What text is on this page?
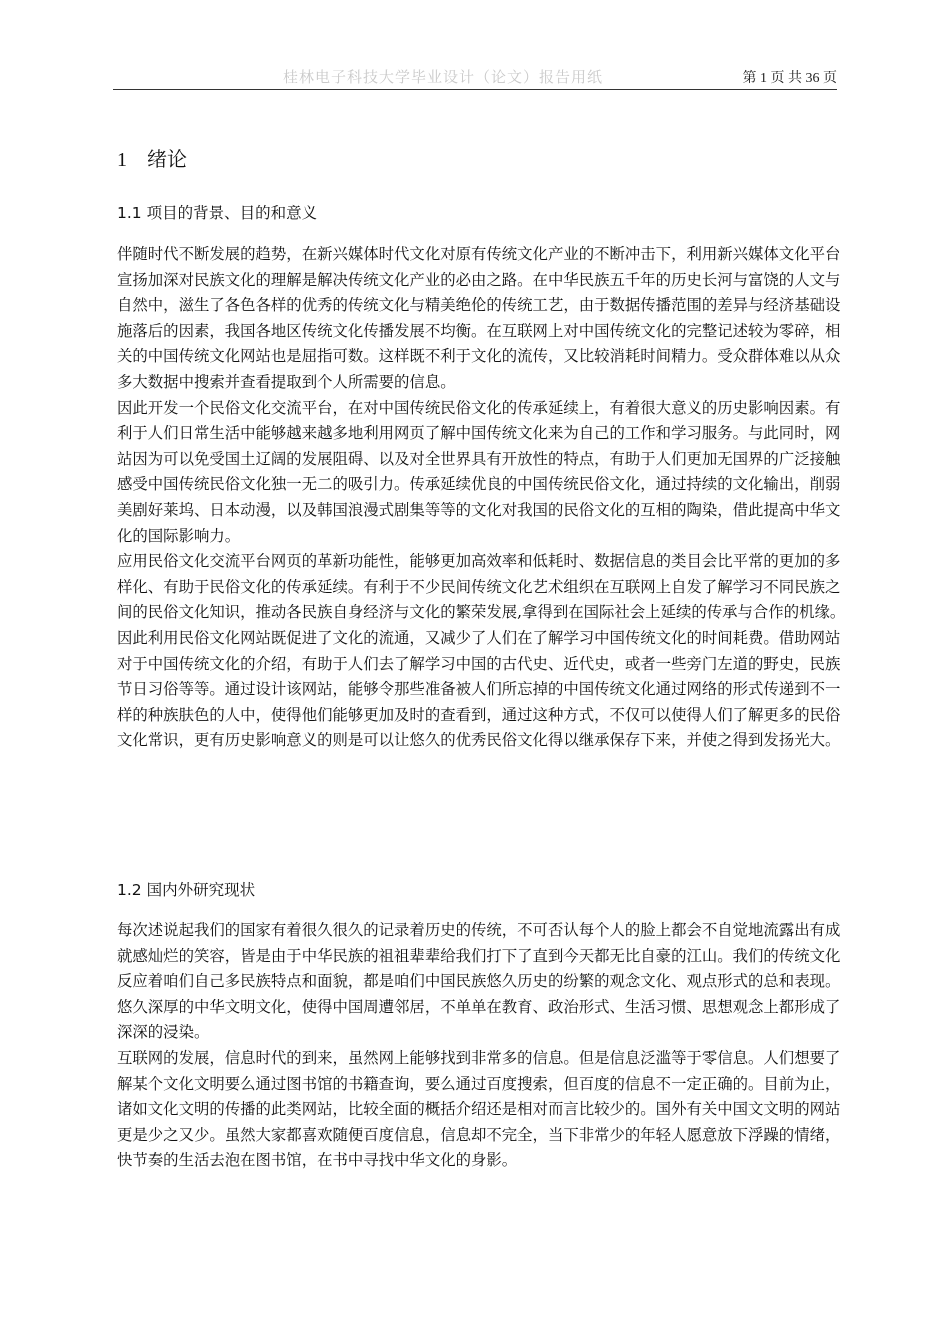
桂林电子科技大学毕业设计（论文）报告用纸	第 1 页 共 36 页
1 绪论
1.1 项目的背景、目的和意义

伴随时代不断发展的趋势，在新兴媒体时代文化对原有传统文化产业的不断冲击下，利用新兴媒体文化平台宣扬加深对民族文化的理解是解决传统文化产业的必由之路。在中华民族五千年的历史长河与富饶的人文与自然中，滋生了各色各样的优秀的传统文化与精美绝伦的传统工艺，由于数据传播范围的差异与经济基础设施落后的因素，我国各地区传统文化传播发展不均衡。在互联网上对中国传统文化的完整记述较为零碎，相关的中国传统文化网站也是屈指可数。这样既不利于文化的流传，又比较消耗时间精力。受众群体难以从众多大数据中搜索并查看提取到个人所需要的信息。

因此开发一个民俗文化交流平台，在对中国传统民俗文化的传承延续上，有着很大意义的历史影响因素。有利于人们日常生活中能够越来越多地利用网页了解中国传统文化来为自己的工作和学习服务。与此同时，网站因为可以免受国土辽阔的发展阻碍、以及对全世界具有开放性的特点，有助于人们更加无国界的广泛接触感受中国传统民俗文化独一无二的吸引力。传承延续优良的中国传统民俗文化，通过持续的文化输出，削弱美剧好莱坞、日本动漫，以及韩国浪漫式剧集等等的文化对我国的民俗文化的互相的陶染，借此提高中华文化的国际影响力。

应用民俗文化交流平台网页的革新功能性，能够更加高效率和低耗时、数据信息的类目会比平常的更加的多样化、有助于民俗文化的传承延续。有利于不少民间传统文化艺术组织在互联网上自发了解学习不同民族之间的民俗文化知识，推动各民族自身经济与文化的繁荣发展,拿得到在国际社会上延续的传承与合作的机缘。因此利用民俗文化网站既促进了文化的流通，又减少了人们在了解学习中国传统文化的时间耗费。借助网站对于中国传统文化的介绍，有助于人们去了解学习中国的古代史、近代史，或者一些旁门左道的野史，民族节日习俗等等。通过设计该网站，能够令那些准备被人们所忘掉的中国传统文化通过网络的形式传递到不一样的种族肤色的人中，使得他们能够更加及时的查看到，通过这种方式，不仅可以使得人们了解更多的民俗文化常识，更有历史影响意义的则是可以让悠久的优秀民俗文化得以继承保存下来，并使之得到发扬光大。

1.2 国内外研究现状

每次述说起我们的国家有着很久很久的记录着历史的传统，不可否认每个人的脸上都会不自觉地流露出有成就感灿烂的笑容，皆是由于中华民族的祖祖辈辈给我们打下了直到今天都无比自豪的江山。我们的传统文化反应着咱们自己多民族特点和面貌，都是咱们中国民族悠久历史的纷繁的观念文化、观点形式的总和表现。悠久深厚的中华文明文化，使得中国周遭邻居，不单单在教育、政治形式、生活习惯、思想观念上都形成了深深的浸染。

互联网的发展，信息时代的到来，虽然网上能够找到非常多的信息。但是信息泛滥等于零信息。人们想要了解某个文化文明要么通过图书馆的书籍查询，要么通过百度搜索，但百度的信息不一定正确的。目前为止，诸如文化文明的传播的此类网站，比较全面的概括介绍还是相对而言比较少的。国外有关中国文文明的网站更是少之又少。虽然大家都喜欢随便百度信息，信息却不完全，当下非常少的年轻人愿意放下浮躁的情绪，快节奏的生活去泡在图书馆，在书中寻找中华文化的身影。
